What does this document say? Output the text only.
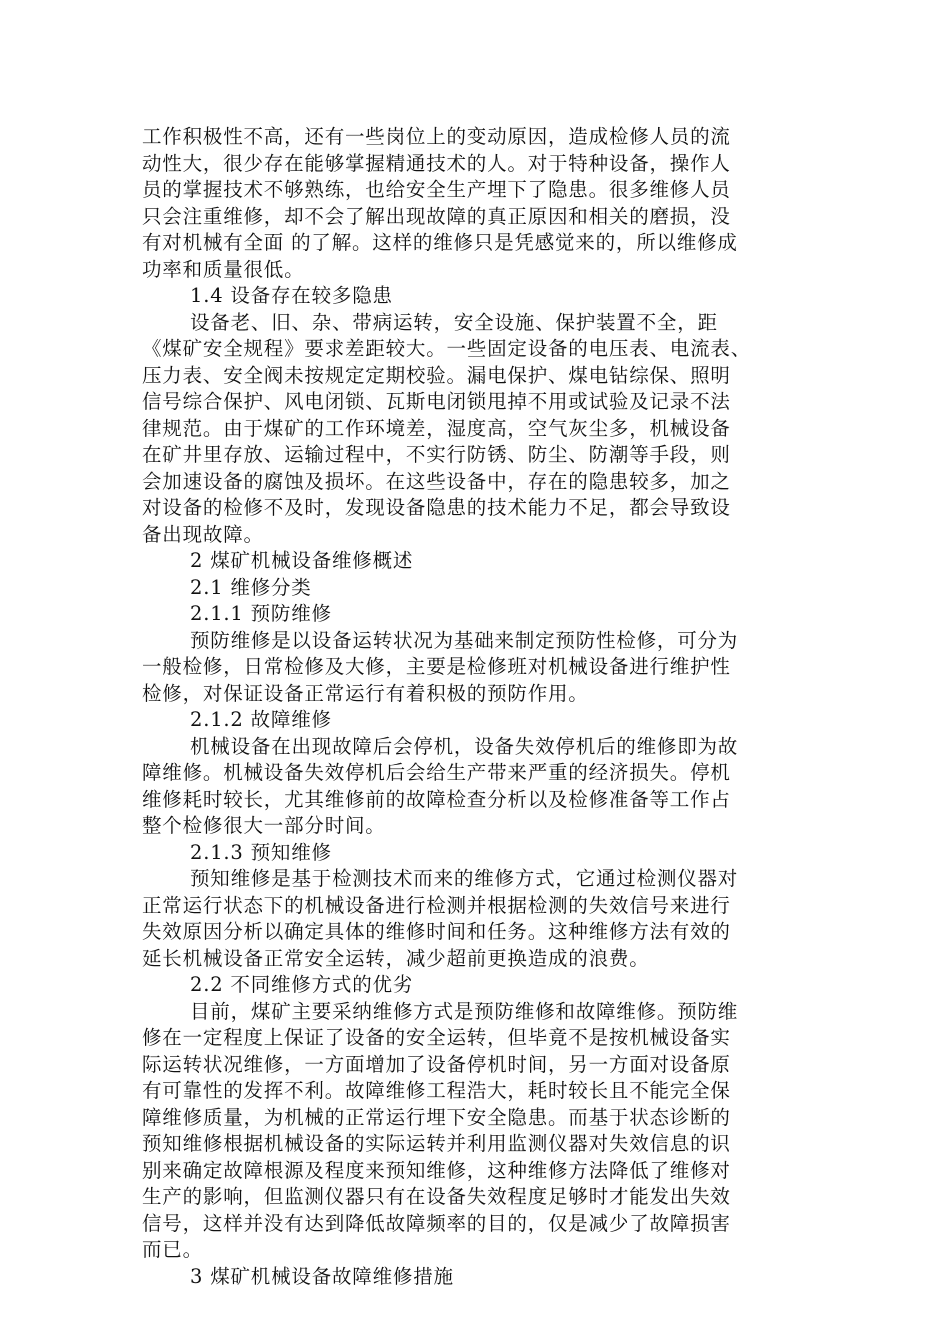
工作积极性不高，还有一些岗位上的变动原因，造成检修人员的流
动性大，很少存在能够掌握精通技术的人。对于特种设备，操作人
员的掌握技术不够熟练，也给安全生产埋下了隐患。很多维修人员
只会注重维修，却不会了解出现故障的真正原因和相关的磨损，没
有对机械有全面 的了解。这样的维修只是凭感觉来的，所以维修成
功率和质量很低。
1.4 设备存在较多隐患
设备老、旧、杂、带病运转，安全设施、保护装置不全，距
《煤矿安全规程》要求差距较大。一些固定设备的电压表、电流表、
压力表、安全阀未按规定定期校验。漏电保护、煤电钻综保、照明
信号综合保护、风电闭锁、瓦斯电闭锁甩掉不用或试验及记录不法
律规范。由于煤矿的工作环境差，湿度高，空气灰尘多，机械设备
在矿井里存放、运输过程中，不实行防锈、防尘、防潮等手段，则
会加速设备的腐蚀及损坏。在这些设备中，存在的隐患较多，加之
对设备的检修不及时，发现设备隐患的技术能力不足，都会导致设
备出现故障。
2 煤矿机械设备维修概述
2.1 维修分类
2.1.1 预防维修
预防维修是以设备运转状况为基础来制定预防性检修，可分为
一般检修，日常检修及大修，主要是检修班对机械设备进行维护性
检修，对保证设备正常运行有着积极的预防作用。
2.1.2 故障维修
机械设备在出现故障后会停机，设备失效停机后的维修即为故
障维修。机械设备失效停机后会给生产带来严重的经济损失。停机
维修耗时较长，尤其维修前的故障检查分析以及检修准备等工作占
整个检修很大一部分时间。
2.1.3 预知维修
预知维修是基于检测技术而来的维修方式，它通过检测仪器对
正常运行状态下的机械设备进行检测并根据检测的失效信号来进行
失效原因分析以确定具体的维修时间和任务。这种维修方法有效的
延长机械设备正常安全运转，减少超前更换造成的浪费。
2.2 不同维修方式的优劣
目前，煤矿主要采纳维修方式是预防维修和故障维修。预防维
修在一定程度上保证了设备的安全运转，但毕竟不是按机械设备实
际运转状况维修，一方面增加了设备停机时间，另一方面对设备原
有可靠性的发挥不利。故障维修工程浩大，耗时较长且不能完全保
障维修质量，为机械的正常运行埋下安全隐患。而基于状态诊断的
预知维修根据机械设备的实际运转并利用监测仪器对失效信息的识
别来确定故障根源及程度来预知维修，这种维修方法降低了维修对
生产的影响，但监测仪器只有在设备失效程度足够时才能发出失效
信号，这样并没有达到降低故障频率的目的，仅是减少了故障损害
而已。
3 煤矿机械设备故障维修措施
